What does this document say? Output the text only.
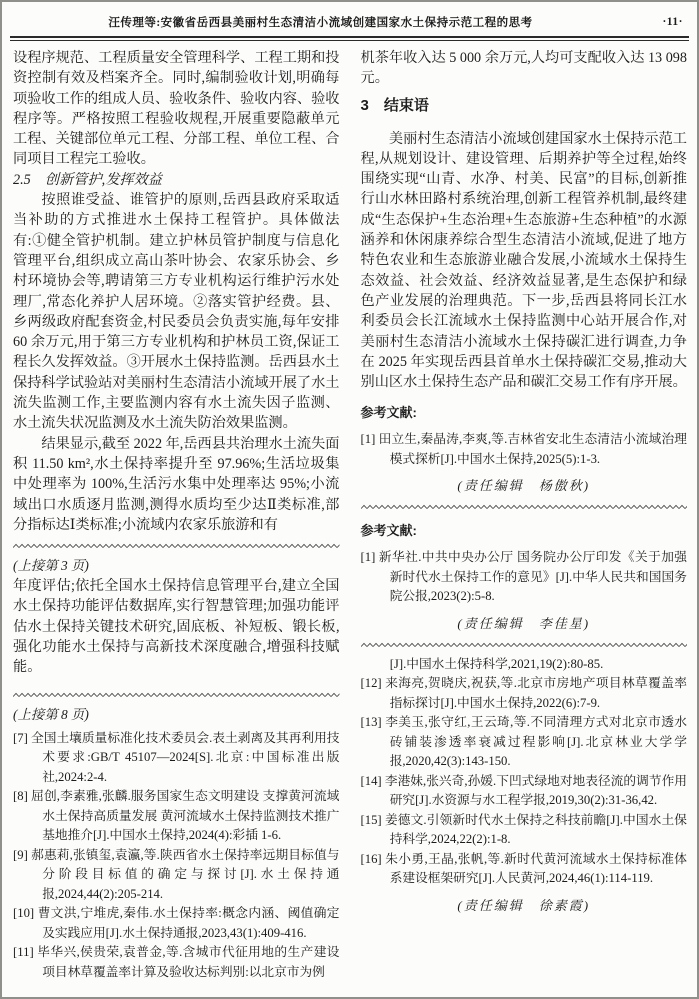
汪传理等:安徽省岳西县美丽村生态清洁小流域创建国家水土保持示范工程的思考	·11·

设程序规范、工程质量安全管理科学、工程工期和投资控制有效及档案齐全。同时,编制验收计划,明确每项验收工作的组成人员、验收条件、验收内容、验收程序等。严格按照工程验收规程,开展重要隐蔽单元工程、关键部位单元工程、分部工程、单位工程、合同项目工程完工验收。

2.5　创新管护,发挥效益

按照谁受益、谁管护的原则,岳西县政府采取适当补助的方式推进水土保持工程管护。具体做法有:①健全管护机制。建立护林员管护制度与信息化管理平台,组织成立高山茶叶协会、农家乐协会、乡村环境协会等,聘请第三方专业机构运行维护污水处理厂,常态化养护人居环境。②落实管护经费。县、乡两级政府配套资金,村民委员会负责实施,每年安排 60 余万元,用于第三方专业机构和护林员工资,保证工程长久发挥效益。③开展水土保持监测。岳西县水土保持科学试验站对美丽村生态清洁小流域开展了水土流失监测工作,主要监测内容有水土流失因子监测、水土流失状况监测及水土流失防治效果监测。

结果显示,截至 2022 年,岳西县共治理水土流失面积 11.50 km²,水土保持率提升至 97.96%;生活垃圾集中处理率为 100%,生活污水集中处理率达 95%;小流域出口水质逐月监测,测得水质均至少达Ⅱ类标准,部分指标达Ⅰ类标准;小流域内农家乐旅游和有

(上接第 3 页)

年度评估;依托全国水土保持信息管理平台,建立全国水土保持功能评估数据库,实行智慧管理;加强功能评估水土保持关键技术研究,固底板、补短板、锻长板,强化功能水土保持与高新技术深度融合,增强科技赋能。

(上接第 8 页)

[7] 全国土壤质量标准化技术委员会.表土剥离及其再利用技术要求:GB/T 45107—2024[S].北京:中国标准出版社,2024:2-4.

[8] 屈创,李素雅,张麟.服务国家生态文明建设 支撑黄河流域水土保持高质量发展 黄河流域水土保持监测技术推广基地推介[J].中国水土保持,2024(4):彩插 1-6.

[9] 郝惠莉,张镇玺,袁瀛,等.陕西省水土保持率远期目标值与分阶段目标值的确定与探讨[J].水土保持通报,2024,44(2):205-214.

[10] 曹文洪,宁堆虎,秦伟.水土保持率:概念内涵、阈值确定及实践应用[J].水土保持通报,2023,43(1):409-416.

[11] 毕华兴,侯贵荣,袁普金,等.含城市代征用地的生产建设项目林草覆盖率计算及验收达标判别:以北京市为例

机茶年收入达 5 000 余万元,人均可支配收入达 13 098 元。

3　结束语

美丽村生态清洁小流域创建国家水土保持示范工程,从规划设计、建设管理、后期养护等全过程,始终围绕实现“山青、水净、村美、民富”的目标,创新推行山水林田路村系统治理,创新工程管养机制,最终建成“生态保护+生态治理+生态旅游+生态种植”的水源涵养和休闲康养综合型生态清洁小流域,促进了地方特色农业和生态旅游业融合发展,小流域水土保持生态效益、社会效益、经济效益显著,是生态保护和绿色产业发展的治理典范。下一步,岳西县将同长江水利委员会长江流域水土保持监测中心站开展合作,对美丽村生态清洁小流域水土保持碳汇进行调查,力争在 2025 年实现岳西县首单水土保持碳汇交易,推动大别山区水土保持生态产品和碳汇交易工作有序开展。

参考文献:

[1] 田立生,秦晶涛,李爽,等.吉林省安北生态清洁小流域治理模式探析[J].中国水土保持,2025(5):1-3.

(责任编辑　杨傲秋)

参考文献:

[1] 新华社.中共中央办公厅 国务院办公厅印发《关于加强新时代水土保持工作的意见》[J].中华人民共和国国务院公报,2023(2):5-8.

(责任编辑　李佳星)

[J].中国水土保持科学,2021,19(2):80-85.

[12] 来海亮,贺晓庆,祝获,等.北京市房地产项目林草覆盖率指标探讨[J].中国水土保持,2022(6):7-9.

[13] 李美玉,张守红,王云琦,等.不同清理方式对北京市透水砖铺装渗透率衰减过程影响[J].北京林业大学学报,2020,42(3):143-150.

[14] 李港妹,张兴奇,孙媛.下凹式绿地对地表径流的调节作用研究[J].水资源与水工程学报,2019,30(2):31-36,42.

[15] 姜德文.引领新时代水土保持之科技前瞻[J].中国水土保持科学,2024,22(2):1-8.

[16] 朱小勇,王晶,张帆,等.新时代黄河流域水土保持标准体系建设框架研究[J].人民黄河,2024,46(1):114-119.

(责任编辑　徐素霞)
